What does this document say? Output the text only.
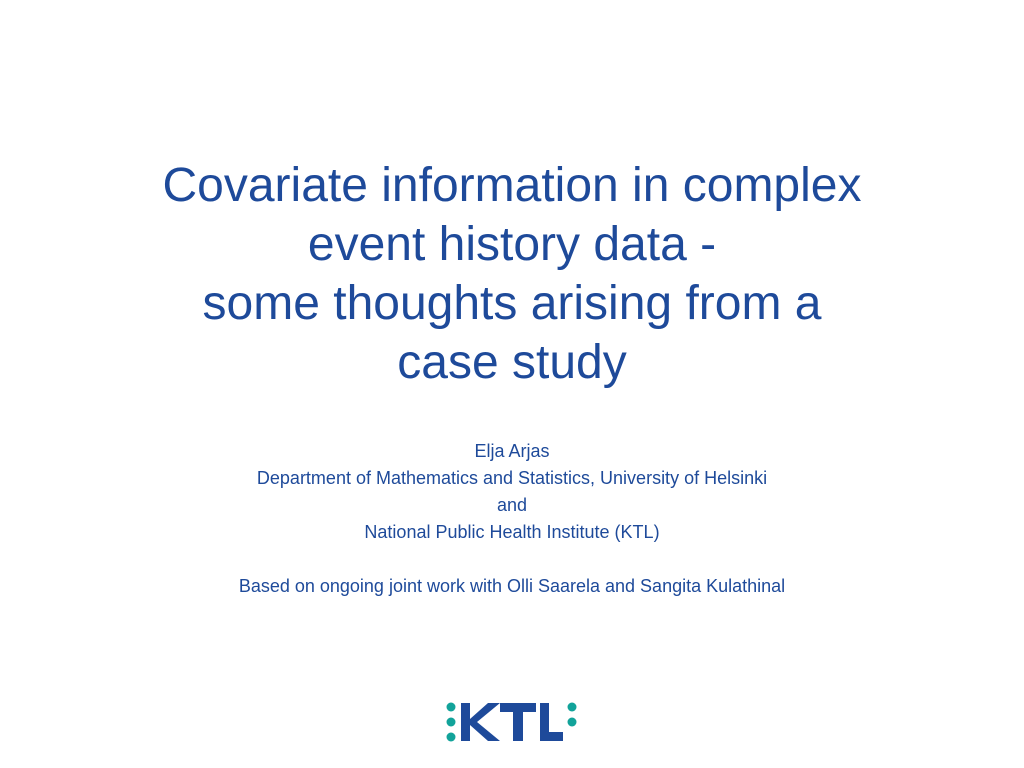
Covariate information in complex
event history data -
some thoughts arising from a
case study
Elja Arjas
Department of Mathematics and Statistics, University of Helsinki
and
National Public Health Institute (KTL)
Based on ongoing joint work with Olli Saarela and Sangita Kulathinal
